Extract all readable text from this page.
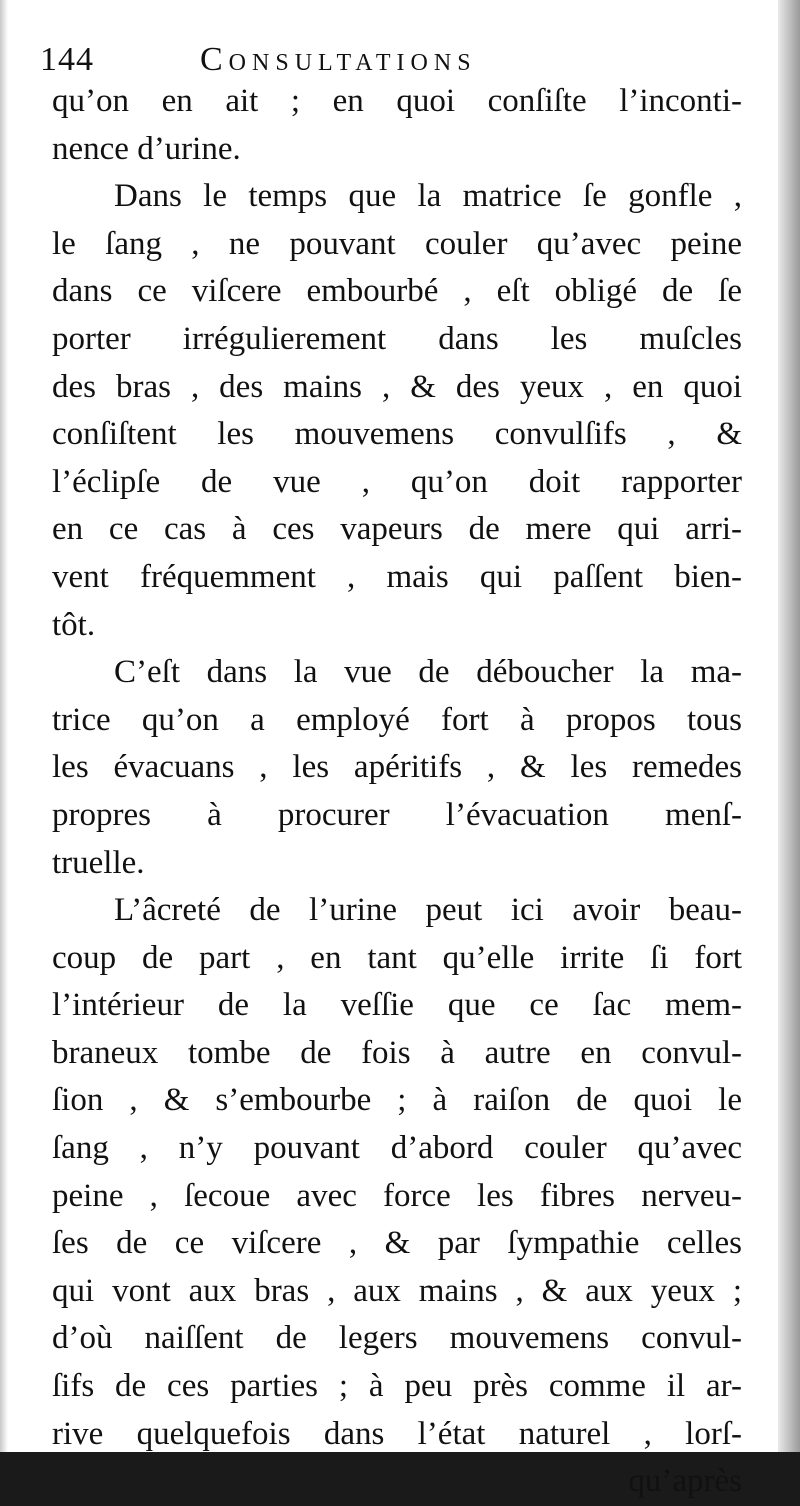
144	Consultations
qu’on en ait ; en quoi conſiſte l’inconti-
nence d’urine.
Dans le temps que la matrice ſe gonfle ,
le ſang , ne pouvant couler qu’avec peine
dans ce viſcere embourbé , eſt obligé de ſe
porter irrégulierement dans les muſcles
des bras , des mains , & des yeux , en quoi
conſiſtent les mouvemens convulſifs , &
l’éclipſe de vue , qu’on doit rapporter
en ce cas à ces vapeurs de mere qui arri-
vent fréquemment , mais qui paſſent bien-
tôt.
C’eſt dans la vue de déboucher la ma-
trice qu’on a employé fort à propos tous
les évacuans , les apéritifs , & les remedes
propres à procurer l’évacuation menſ-
truelle.
L’âcreté de l’urine peut ici avoir beau-
coup de part , en tant qu’elle irrite ſi fort
l’intérieur de la veſſie que ce ſac mem-
braneux tombe de fois à autre en convul-
ſion , & s’embourbe ; à raiſon de quoi le
ſang , n’y pouvant d’abord couler qu’avec
peine , ſecoue avec force les fibres nerveu-
ſes de ce viſcere , & par ſympathie celles
qui vont aux bras , aux mains , & aux yeux ;
d’où naiſſent de legers mouvemens convul-
ſifs de ces parties ; à peu près comme il ar-
rive quelquefois dans l’état naturel , lorſ-
qu’après
